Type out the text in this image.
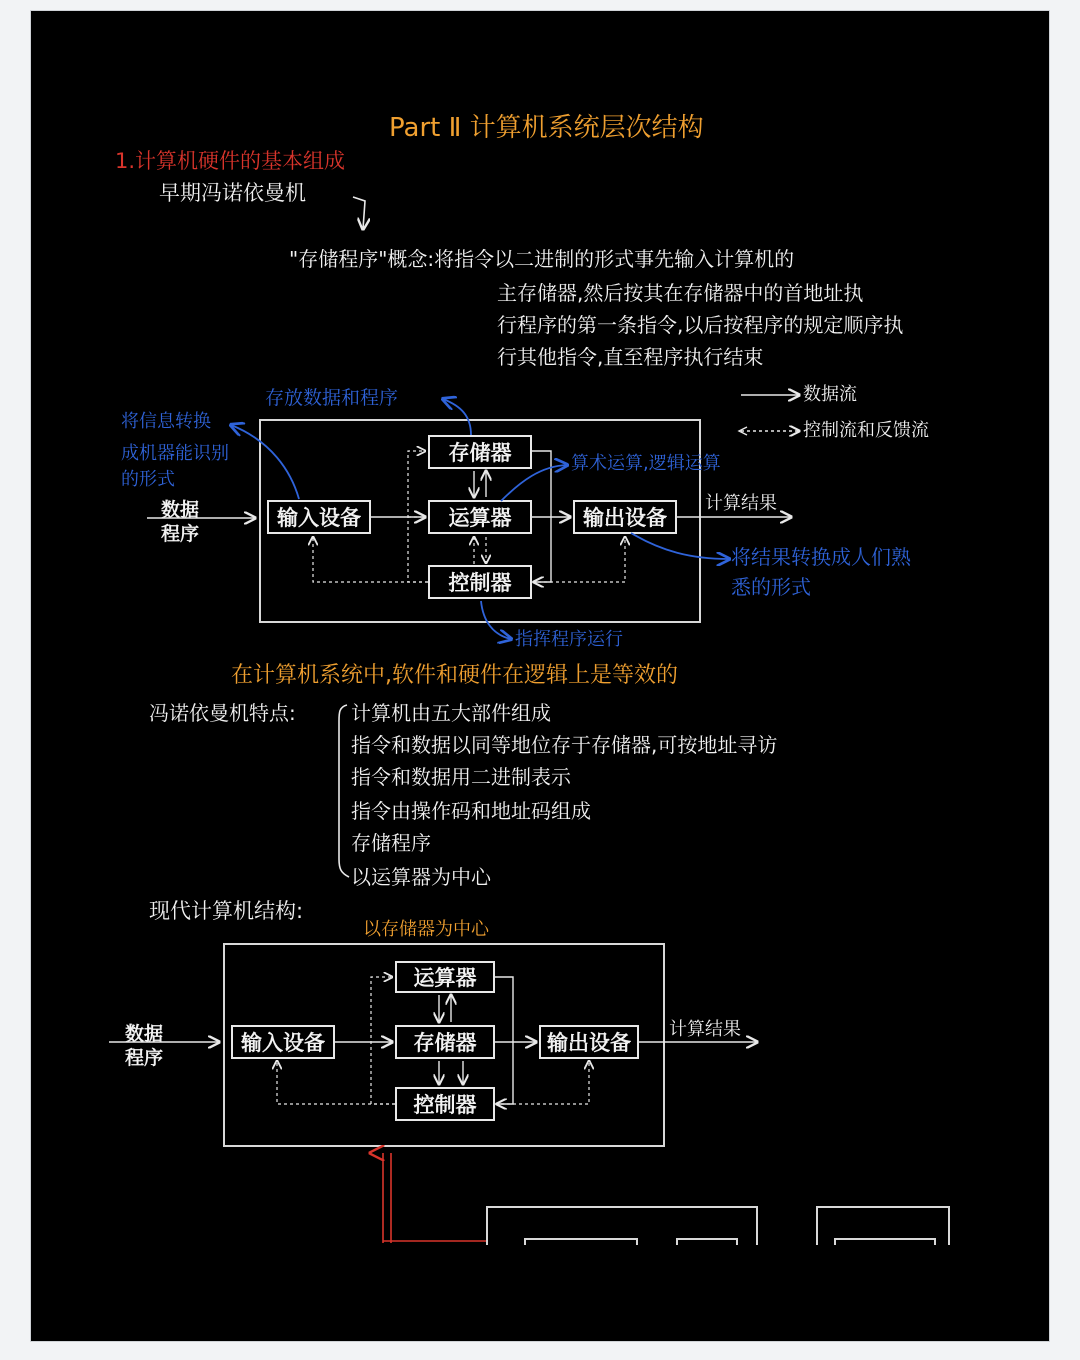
Part Ⅱ 计算机系统层次结构
1.计算机硬件的基本组成
早期冯诺依曼机
"存储程序"概念:将指令以二进制的形式事先输入计算机的
主存储器,然后按其在存储器中的首地址执
行程序的第一条指令,以后按程序的规定顺序执
行其他指令,直至程序执行结束
数据流
控制流和反馈流
存储器
运算器
输入设备	输出设备
控制器
数据
程序
计算结果
存放数据和程序
将信息转换
成机器能识别
的形式
算术运算,逻辑运算
将结果转换成人们熟
悉的形式
指挥程序运行
在计算机系统中,软件和硬件在逻辑上是等效的
冯诺依曼机特点:	计算机由五大部件组成
指令和数据以同等地位存于存储器,可按地址寻访
指令和数据用二进制表示
指令由操作码和地址码组成
存储程序
以运算器为中心
现代计算机结构:
以存储器为中心
运算器
输入设备	存储器	输出设备
控制器
数据
程序
计算结果
